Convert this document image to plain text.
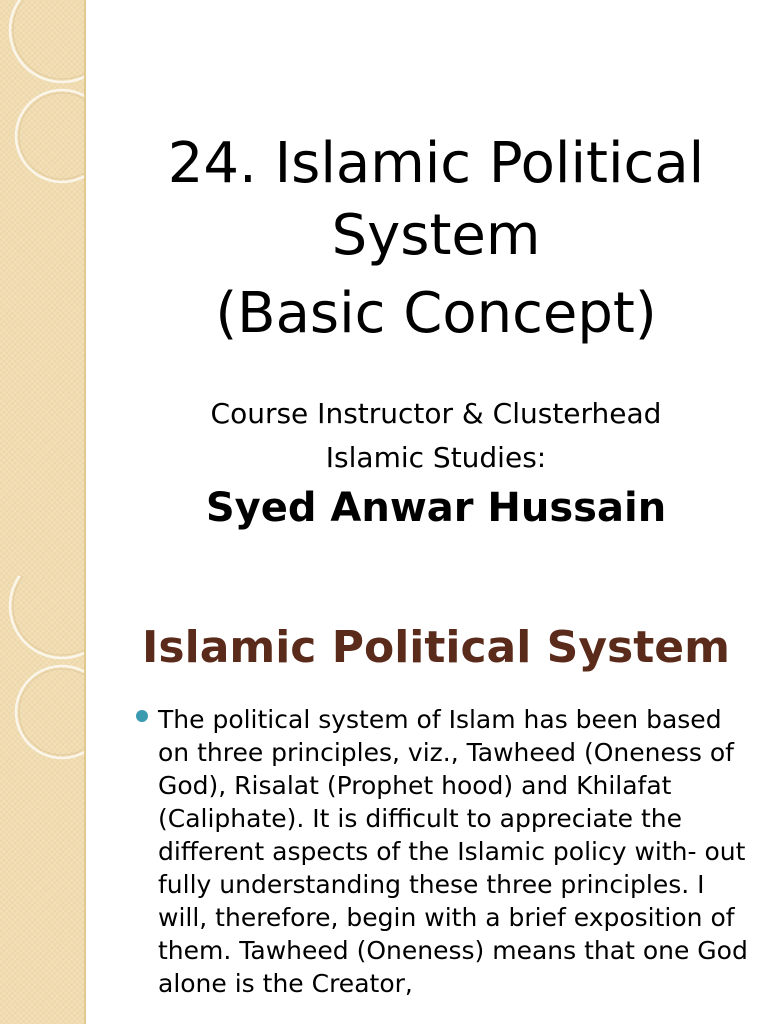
24. Islamic Political
System
(Basic Concept)
Course Instructor & Clusterhead
Islamic Studies:
Syed Anwar Hussain
Islamic Political System
The political system of Islam has been based on three principles, viz., Tawheed (Oneness of God), Risalat (Prophet hood) and Khilafat (Caliphate). It is difficult to appreciate the different aspects of the Islamic policy with- out fully understanding these three principles. I will, therefore, begin with a brief exposition of them. Tawheed (Oneness) means that one God alone is the Creator,
